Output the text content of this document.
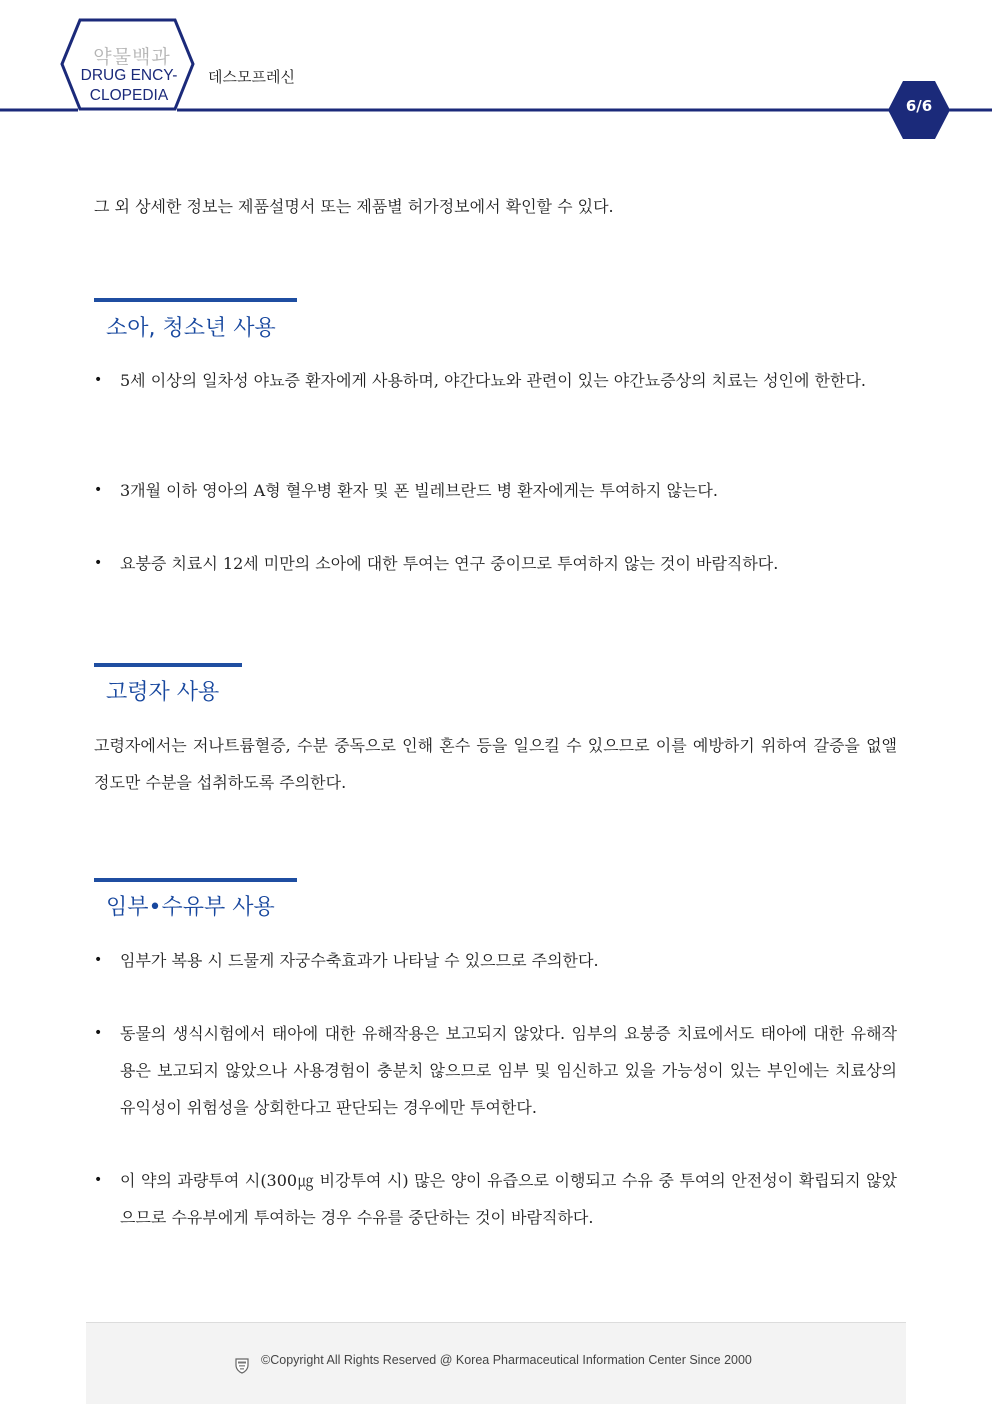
약물백과
DRUG ENCY-
CLOPEDIA
데스모프레신
6/6
그 외 상세한 정보는 제품설명서 또는 제품별 허가정보에서 확인할 수 있다.
소아, 청소년 사용
• 5세 이상의 일차성 야뇨증 환자에게 사용하며, 야간다뇨와 관련이 있는 야간뇨증상의 치료는 성인에 한한다.
• 3개월 이하 영아의 A형 혈우병 환자 및 폰 빌레브란드 병 환자에게는 투여하지 않는다.
• 요붕증 치료시 12세 미만의 소아에 대한 투여는 연구 중이므로 투여하지 않는 것이 바람직하다.
고령자 사용
고령자에서는 저나트륨혈증, 수분 중독으로 인해 혼수 등을 일으킬 수 있으므로 이를 예방하기 위하여 갈증을 없앨 정도만 수분을 섭취하도록 주의한다.
임부•수유부 사용
• 임부가 복용 시 드물게 자궁수축효과가 나타날 수 있으므로 주의한다.
• 동물의 생식시험에서 태아에 대한 유해작용은 보고되지 않았다. 임부의 요붕증 치료에서도 태아에 대한 유해작용은 보고되지 않았으나 사용경험이 충분치 않으므로 임부 및 임신하고 있을 가능성이 있는 부인에는 치료상의 유익성이 위험성을 상회한다고 판단되는 경우에만 투여한다.
• 이 약의 과량투여 시(300㎍ 비강투여 시) 많은 양이 유즙으로 이행되고 수유 중 투여의 안전성이 확립되지 않았으므로 수유부에게 투여하는 경우 수유를 중단하는 것이 바람직하다.
©Copyright All Rights Reserved @ Korea Pharmaceutical Information Center Since 2000
